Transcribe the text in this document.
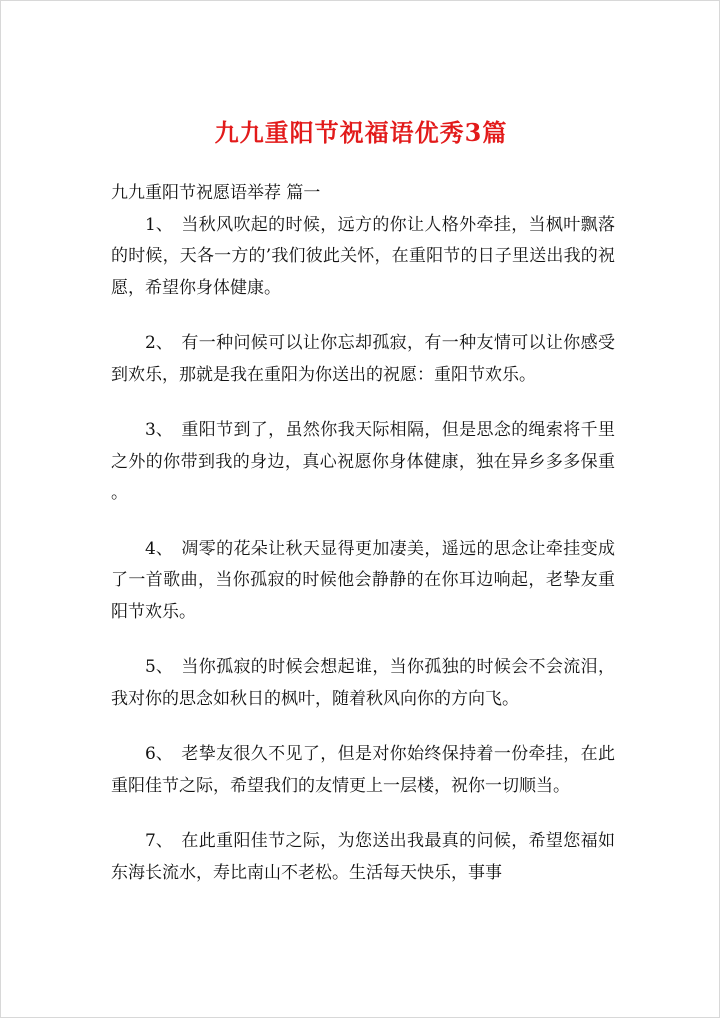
九九重阳节祝福语优秀3篇

九九重阳节祝愿语举荐 篇一

1、 当秋风吹起的时候，远方的你让人格外牵挂，当枫叶飘落的时候，天各一方的’我们彼此关怀，在重阳节的日子里送出我的祝愿，希望你身体健康。

2、 有一种问候可以让你忘却孤寂，有一种友情可以让你感受到欢乐，那就是我在重阳为你送出的祝愿：重阳节欢乐。

3、 重阳节到了，虽然你我天际相隔，但是思念的绳索将千里之外的你带到我的身边，真心祝愿你身体健康，独在异乡多多保重。

4、 凋零的花朵让秋天显得更加凄美，遥远的思念让牵挂变成了一首歌曲，当你孤寂的时候他会静静的在你耳边响起，老挚友重阳节欢乐。

5、 当你孤寂的时候会想起谁，当你孤独的时候会不会流泪，我对你的思念如秋日的枫叶，随着秋风向你的方向飞。

6、 老挚友很久不见了，但是对你始终保持着一份牵挂，在此重阳佳节之际，希望我们的友情更上一层楼，祝你一切顺当。

7、 在此重阳佳节之际，为您送出我最真的问候，希望您福如东海长流水，寿比南山不老松。生活每天快乐，事事
